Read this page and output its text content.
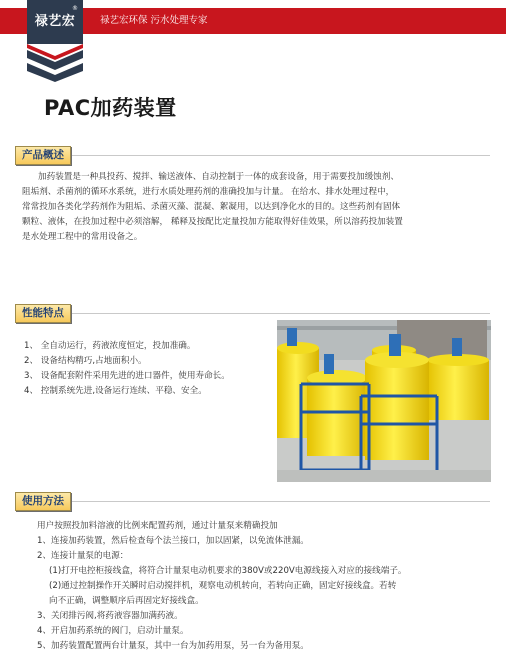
禄艺宏环保 污水处理专家
禄艺宏
®
PAC加药装置
产品概述

加药装置是一种具投药、搅拌、输送液体、自动控制于一体的成套设备，用于需要投加缓蚀剂、

阻垢剂、杀菌剂的循环水系统，进行水质处理药剂的准确投加与计量。 在给水、排水处理过程中，

常常投加各类化学药剂作为阻垢、杀菌灭藻、混凝、絮凝用，以达到净化水的目的。这些药剂有固体

颗粒、液体，在投加过程中必须溶解， 稀释及按配比定量投加方能取得好佳效果，所以溶药投加装置

是水处理工程中的常用设备之。

性能特点

1、 全自动运行，药液浓度恒定，投加准确。

2、 设备结构精巧,占地面积小。

3、 设备配套附件采用先进的进口器件，使用寿命长。

4、 控制系统先进,设备运行连续、平稳、安全。

使用方法

用户按照投加料溶液的比例来配置药剂，通过计量泵来精确投加

1、连接加药装置，然后检查每个法兰接口，加以固紧，以免流体泄漏。

2、连接计量泵的电源：

(1)打开电控柜接线盒，将符合计量泵电动机要求的380V或220V电源线接入对应的接线端子。

(2)通过控制操作开关瞬时启动搅拌机，观察电动机转向，若转向正确，固定好接线盒。若转

向不正确，调整顺序后再固定好接线盒。

3、关闭排污阀,将药液容器加满药液。

4、开启加药系统的阀门，启动计量泵。

5、加药装置配置两台计量泵，其中一台为加药用泵，另一台为备用泵。
